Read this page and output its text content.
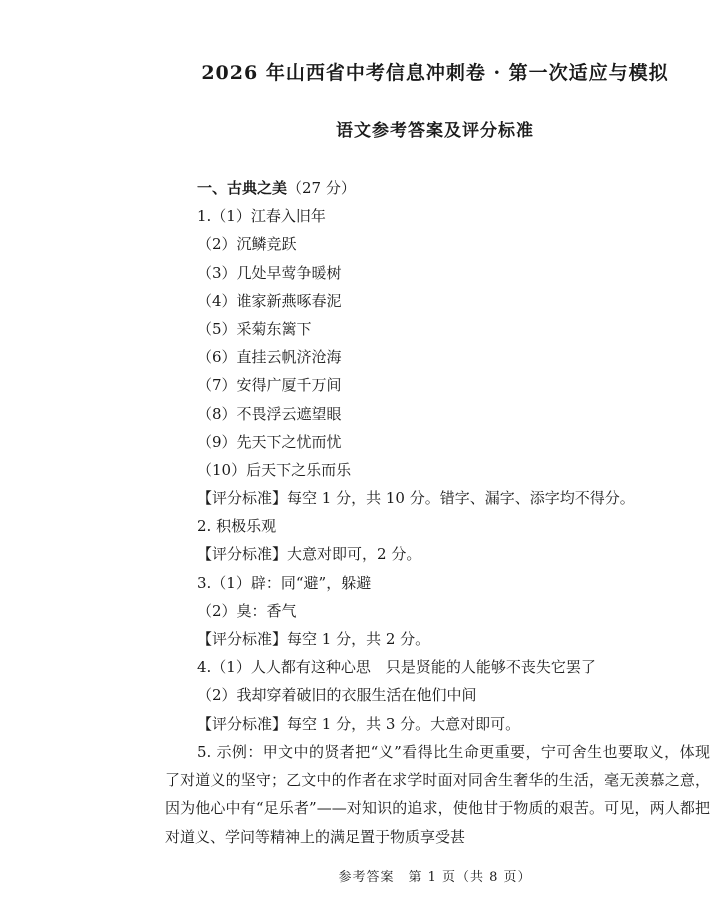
2026 年山西省中考信息冲刺卷 · 第一次适应与模拟
语文参考答案及评分标准
一、古典之美（27 分）
1.（1）江春入旧年
（2）沉鳞竞跃
（3）几处早莺争暖树
（4）谁家新燕啄春泥
（5）采菊东篱下
（6）直挂云帆济沧海
（7）安得广厦千万间
（8）不畏浮云遮望眼
（9）先天下之忧而忧
（10）后天下之乐而乐
【评分标准】每空 1 分，共 10 分。错字、漏字、添字均不得分。
2. 积极乐观
【评分标准】大意对即可，2 分。
3.（1）辟：同“避”，躲避
（2）臭：香气
【评分标准】每空 1 分，共 2 分。
4.（1）人人都有这种心思　只是贤能的人能够不丧失它罢了
（2）我却穿着破旧的衣服生活在他们中间
【评分标准】每空 1 分，共 3 分。大意对即可。
5. 示例：甲文中的贤者把“义”看得比生命更重要，宁可舍生也要取义，体现了对道义的坚守；乙文中的作者在求学时面对同舍生奢华的生活，毫无羡慕之意，因为他心中有“足乐者”——对知识的追求，使他甘于物质的艰苦。可见，两人都把对道义、学问等精神上的满足置于物质享受甚
参考答案　第 1 页（共 8 页）
